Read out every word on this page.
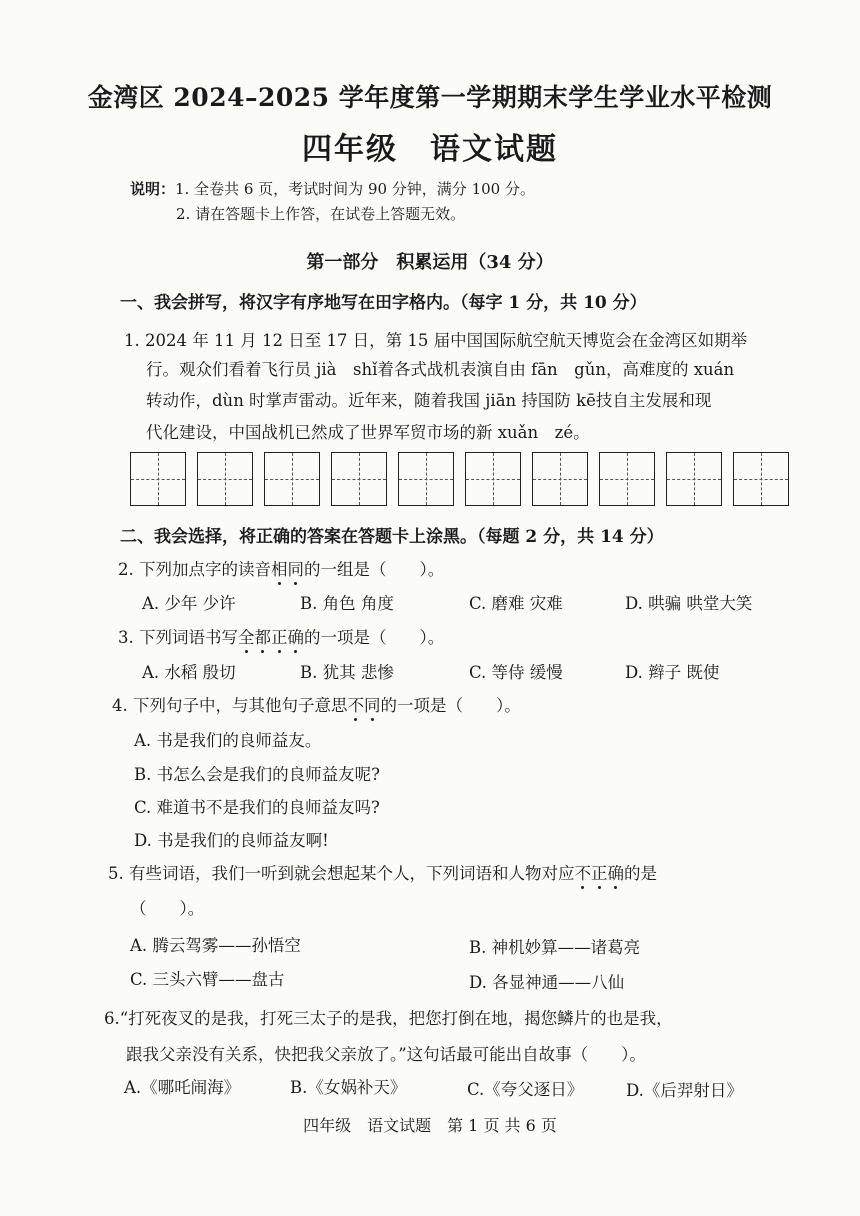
金湾区 2024–2025 学年度第一学期期末学生学业水平检测
四年级　语文试题
说明：1. 全卷共 6 页，考试时间为 90 分钟，满分 100 分。
2. 请在答题卡上作答，在试卷上答题无效。
第一部分　积累运用（34 分）
一、我会拼写，将汉字有序地写在田字格内。（每字 1 分，共 10 分）
1. 2024 年 11 月 12 日至 17 日，第 15 届中国国际航空航天博览会在金湾区如期举
行。观众们看着飞行员 jià　shǐ着各式战机表演自由 fān　gǔn，高难度的 xuán
转动作，dùn 时掌声雷动。近年来，随着我国 jiān 持国防 kē技自主发展和现
代化建设，中国战机已然成了世界军贸市场的新 xuǎn　zé。
二、我会选择，将正确的答案在答题卡上涂黑。（每题 2 分，共 14 分）
2. 下列加点字的读音相同的一组是（　　）。
A. 少年 少许	B. 角色 角度	C. 磨难 灾难	D. 哄骗 哄堂大笑
3. 下列词语书写全都正确的一项是（　　）。
A. 水稻 殷切	B. 犹其 悲惨	C. 等侍 缓慢	D. 辫子 既使
4. 下列句子中，与其他句子意思不同的一项是（　　）。
A. 书是我们的良师益友。
B. 书怎么会是我们的良师益友呢?
C. 难道书不是我们的良师益友吗?
D. 书是我们的良师益友啊!
5. 有些词语，我们一听到就会想起某个人，下列词语和人物对应不正确的是
（　　）。
A. 腾云驾雾——孙悟空	B. 神机妙算——诸葛亮
C. 三头六臂——盘古	D. 各显神通——八仙
6.“打死夜叉的是我，打死三太子的是我，把您打倒在地，揭您鳞片的也是我，
跟我父亲没有关系，快把我父亲放了。”这句话最可能出自故事（　　）。
A.《哪吒闹海》	B.《女娲补天》	C.《夸父逐日》	D.《后羿射日》
四年级　语文试题　第 1 页 共 6 页
